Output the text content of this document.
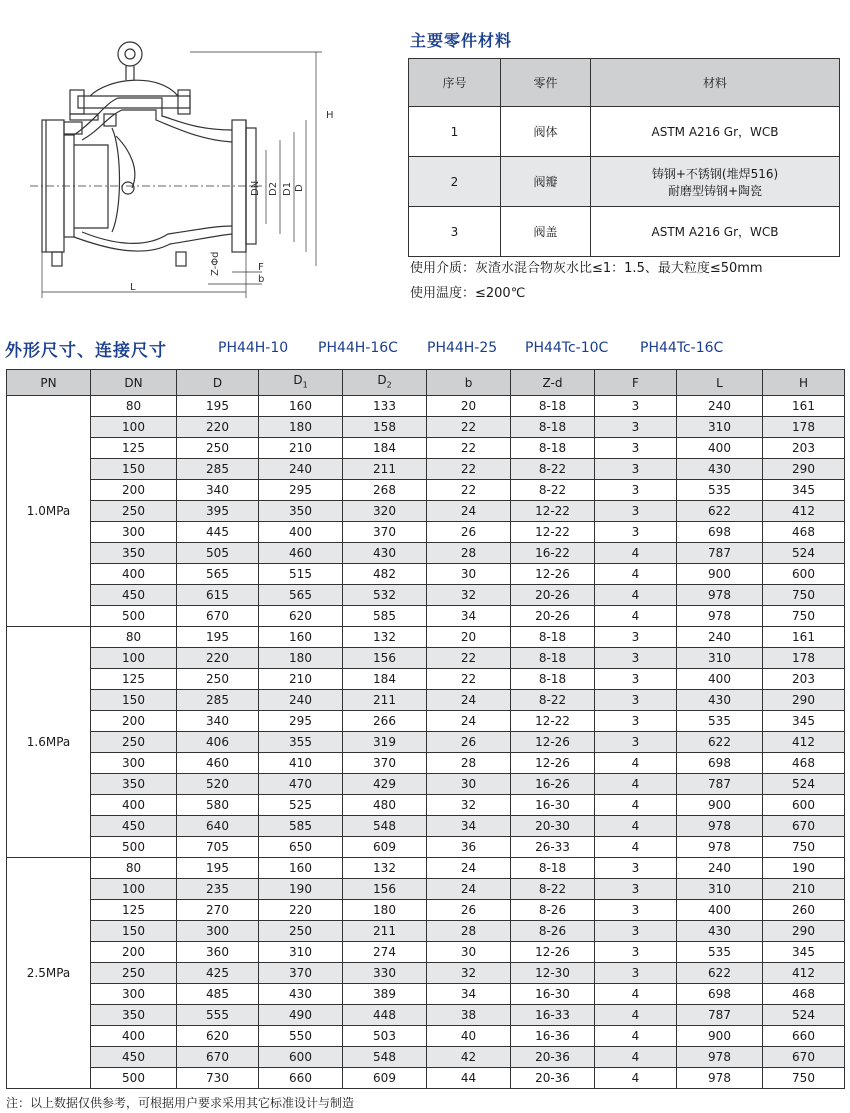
H
DN D2 D1 D
Z-Φd	F
b
L
主要零件材料
序号	零件	材料
1	阀体	ASTM A216 Gr，WCB
2	阀瓣	铸钢+不锈钢(堆焊516)
耐磨型铸钢+陶瓷

3	阀盖	ASTM A216 Gr，WCB
使用介质：灰渣水混合物灰水比≤1：1.5、最大粒度≤50mm
使用温度：≤200℃
外形尺寸、连接尺寸	PH44H-10 PH44H-16C PH44H-25 PH44Tc-10C PH44Tc-16C
PN	DN	D	$D_1$	$D_2$	b	Z-d	F	L	H
1.0MPa	80	195	160	133	20	8-18	3	240	161
	100	220	180	158	22	8-18	3	310	178
	125	250	210	184	22	8-18	3	400	203
	150	285	240	211	22	8-22	3	430	290
	200	340	295	268	22	8-22	3	535	345
	250	395	350	320	24	12-22	3	622	412
	300	445	400	370	26	12-22	3	698	468
	350	505	460	430	28	16-22	4	787	524
	400	565	515	482	30	12-26	4	900	600
	450	615	565	532	32	20-26	4	978	750
	500	670	620	585	34	20-26	4	978	750
1.6MPa	80	195	160	132	20	8-18	3	240	161
	100	220	180	156	22	8-18	3	310	178
	125	250	210	184	22	8-18	3	400	203
	150	285	240	211	24	8-22	3	430	290
	200	340	295	266	24	12-22	3	535	345
	250	406	355	319	26	12-26	3	622	412
	300	460	410	370	28	12-26	4	698	468
	350	520	470	429	30	16-26	4	787	524
	400	580	525	480	32	16-30	4	900	600
	450	640	585	548	34	20-30	4	978	670
	500	705	650	609	36	26-33	4	978	750
2.5MPa	80	195	160	132	24	8-18	3	240	190
	100	235	190	156	24	8-22	3	310	210
	125	270	220	180	26	8-26	3	400	260
	150	300	250	211	28	8-26	3	430	290
	200	360	310	274	30	12-26	3	535	345
	250	425	370	330	32	12-30	3	622	412
	300	485	430	389	34	16-30	4	698	468
	350	555	490	448	38	16-33	4	787	524
	400	620	550	503	40	16-36	4	900	660
	450	670	600	548	42	20-36	4	978	670
	500	730	660	609	44	20-36	4	978	750
注：以上数据仅供参考，可根据用户要求采用其它标准设计与制造
